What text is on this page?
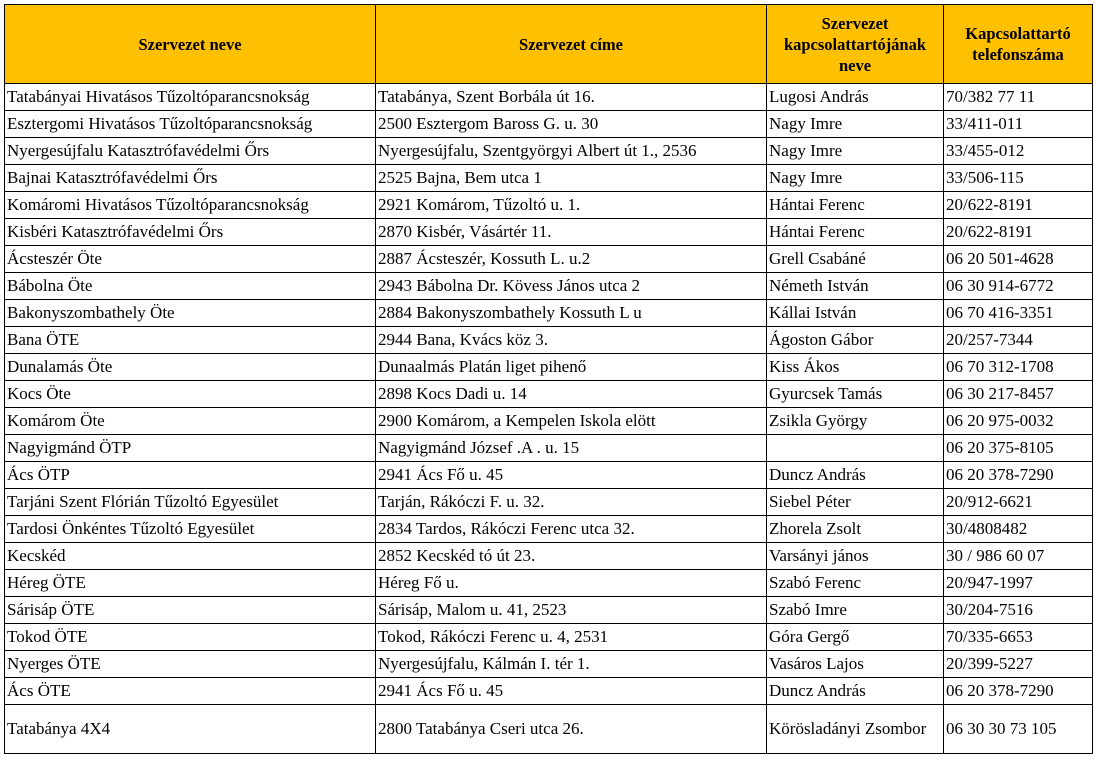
Szervezet neve	Szervezet címe	Szervezet kapcsolattartójának neve	Kapcsolattartó telefonszáma
Tatabányai Hivatásos Tűzoltóparancsnokság	Tatabánya, Szent Borbála út 16.	Lugosi András	70/382 77 11
Esztergomi Hivatásos Tűzoltóparancsnokság	2500 Esztergom Baross G. u. 30	Nagy Imre	33/411-011
Nyergesújfalu Katasztrófavédelmi Őrs	Nyergesújfalu, Szentgyörgyi Albert út 1., 2536	Nagy Imre	33/455-012
Bajnai Katasztrófavédelmi Őrs	2525 Bajna, Bem utca 1	Nagy Imre	33/506-115
Komáromi Hivatásos Tűzoltóparancsnokság	2921 Komárom, Tűzoltó u. 1.	Hántai Ferenc	20/622-8191
Kisbéri Katasztrófavédelmi Őrs	2870 Kisbér, Vásártér 11.	Hántai Ferenc	20/622-8191
Ácsteszér Öte	2887 Ácsteszér, Kossuth L. u.2	Grell Csabáné	06 20 501-4628
Bábolna Öte	2943 Bábolna Dr. Kövess János utca 2	Németh István	06 30 914-6772
Bakonyszombathely Öte	2884 Bakonyszombathely Kossuth L u	Kállai István	06 70 416-3351
Bana ÖTE	2944 Bana, Kvács köz 3.	Ágoston Gábor	20/257-7344
Dunalamás Öte	Dunaalmás Platán liget pihenő	Kiss Ákos	06 70 312-1708
Kocs Öte	2898 Kocs Dadi u. 14	Gyurcsek Tamás	06 30 217-8457
Komárom Öte	2900 Komárom, a Kempelen Iskola elött	Zsikla György	06 20 975-0032
Nagyigmánd ÖTP	Nagyigmánd József .A . u. 15		06 20 375-8105
Ács ÖTP	2941 Ács Fő u. 45	Duncz András	06 20 378-7290
Tarjáni Szent Flórián Tűzoltó Egyesület	Tarján, Rákóczi F. u. 32.	Siebel Péter	20/912-6621
Tardosi Önkéntes Tűzoltó Egyesület	2834 Tardos, Rákóczi Ferenc utca 32.	Zhorela Zsolt	30/4808482
Kecskéd	2852 Kecskéd tó út 23.	Varsányi jános	30 / 986 60 07
Héreg ÖTE	Héreg Fő u.	Szabó Ferenc	20/947-1997
Sárisáp ÖTE	Sárisáp, Malom u. 41, 2523	Szabó Imre	30/204-7516
Tokod ÖTE	Tokod, Rákóczi Ferenc u. 4, 2531	Góra Gergő	70/335-6653
Nyerges ÖTE	Nyergesújfalu, Kálmán I. tér 1.	Vasáros Lajos	20/399-5227
Ács ÖTE	2941 Ács Fő u. 45	Duncz András	06 20 378-7290
Tatabánya 4X4	2800 Tatabánya Cseri utca 26.	Körösladányi Zsombor	06 30 30 73 105
